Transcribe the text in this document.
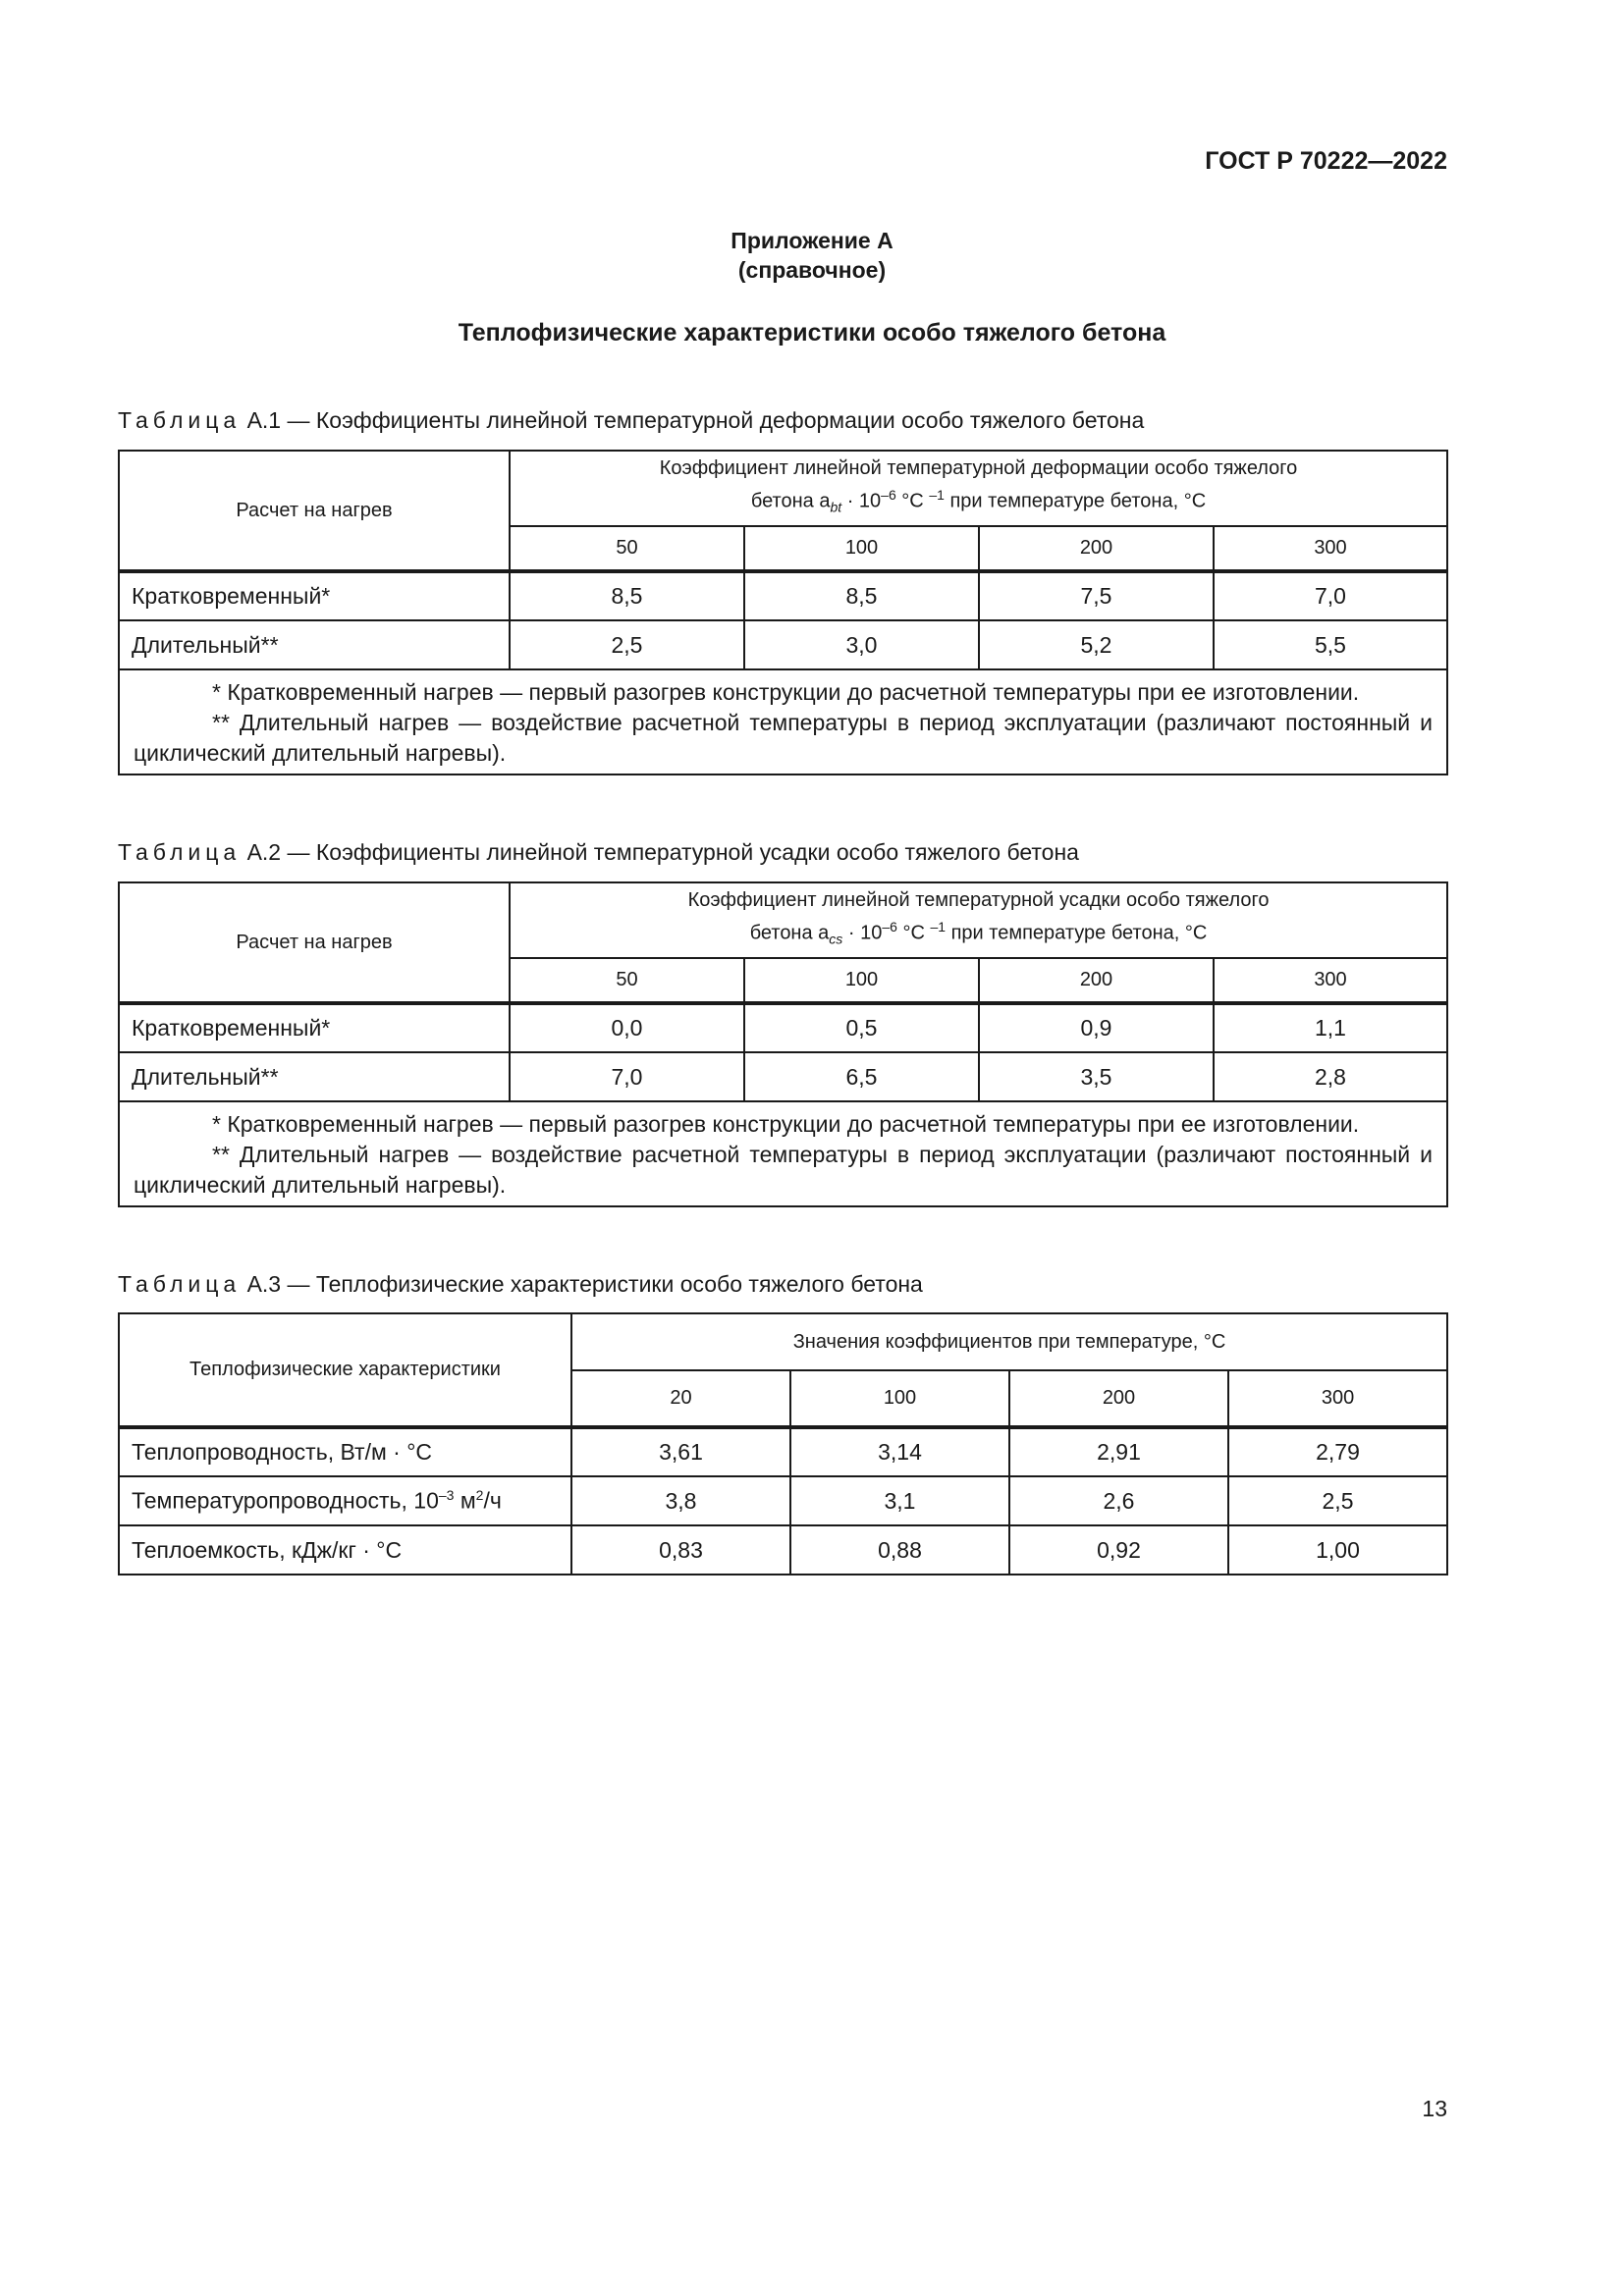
ГОСТ Р 70222—2022
Приложение А
(справочное)
Теплофизические характеристики особо тяжелого бетона
Таблица А.1 — Коэффициенты линейной температурной деформации особо тяжелого бетона
Расчет на нагрев	Коэффициент линейной температурной деформации особо тяжелого
бетона $a_{bt} \cdot 10^{-6}$ °С $^{-1}$ при температуре бетона, °С			

	50	100	200	300
Кратковременный*	8,5	8,5	7,5	7,0
Длительный**	2,5	3,0	5,2	5,5

* Кратковременный нагрев — первый разогрев конструкции до расчетной температуры при ее изготовлении.
** Длительный нагрев — воздействие расчетной температуры в период эксплуатации (различают постоянный и циклический длительный нагревы).				
Таблица А.2 — Коэффициенты линейной температурной усадки особо тяжелого бетона
Расчет на нагрев	Коэффициент линейной температурной усадки особо тяжелого
бетона $a_{cs} \cdot 10^{-6}$ °С $^{-1}$ при температуре бетона, °С			

	50	100	200	300
Кратковременный*	0,0	0,5	0,9	1,1
Длительный**	7,0	6,5	3,5	2,8

* Кратковременный нагрев — первый разогрев конструкции до расчетной температуры при ее изготовлении.
** Длительный нагрев — воздействие расчетной температуры в период эксплуатации (различают постоянный и циклический длительный нагревы).				
Таблица А.3 — Теплофизические характеристики особо тяжелого бетона
Теплофизические характеристики	Значения коэффициентов при температуре, °С			
	20	100	200	300
Теплопроводность, Вт/м · °С	3,61	3,14	2,91	2,79
Температуропроводность, $10^{-3}$ $м^2/ч$	3,8	3,1	2,6	2,5
Теплоемкость, кДж/кг · °С	0,83	0,88	0,92	1,00
13
